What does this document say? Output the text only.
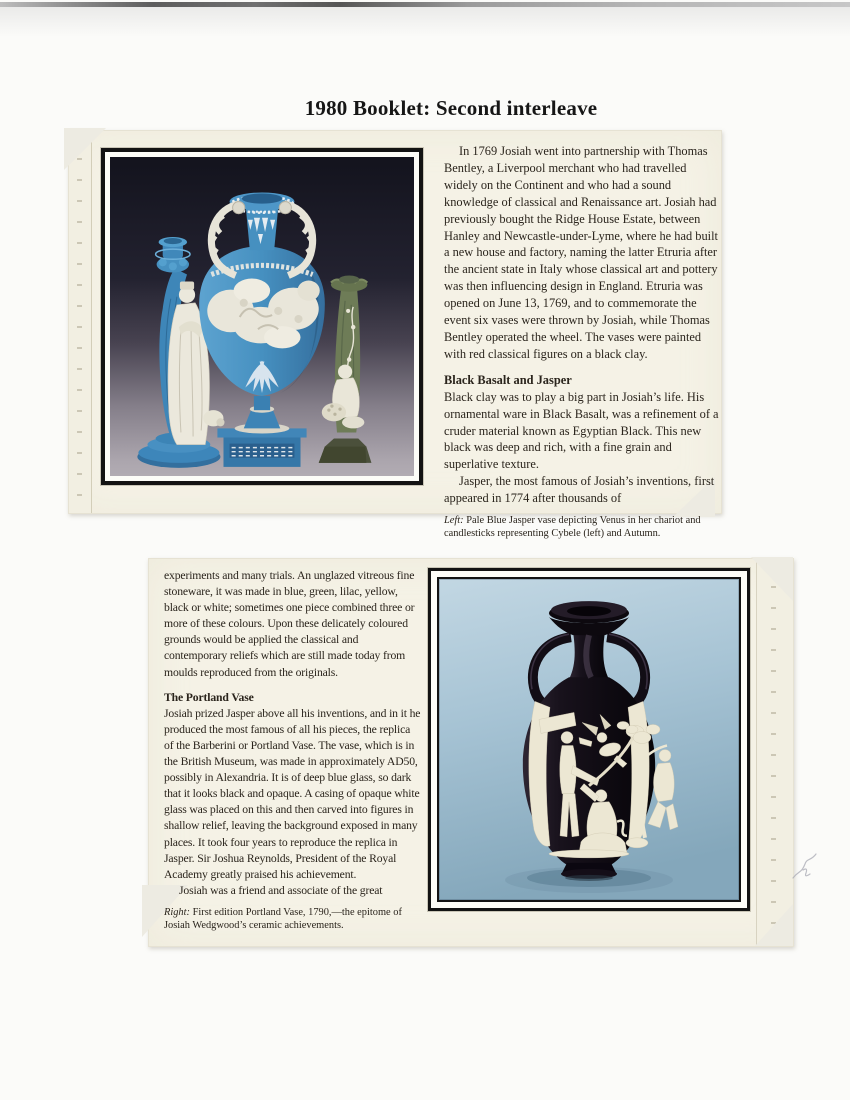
1980 Booklet: Second interleave

In 1769 Josiah went into partnership with Thomas Bentley, a Liverpool merchant who had travelled widely on the Continent and who had a sound knowledge of classical and Renaissance art. Josiah had previously bought the Ridge House Estate, between Hanley and Newcastle-under-Lyme, where he had built a new house and factory, naming the latter Etruria after the ancient state in Italy whose classical art and pottery was then influencing design in England. Etruria was opened on June 13, 1769, and to commemorate the event six vases were thrown by Josiah, while Thomas Bentley operated the wheel. The vases were painted with red classical figures on a black clay.

Black Basalt and Jasper

Black clay was to play a big part in Josiah’s life. His ornamental ware in Black Basalt, was a refinement of a cruder material known as Egyptian Black. This new black was deep and rich, with a fine grain and superlative texture.

Jasper, the most famous of Josiah’s inventions, first appeared in 1774 after thousands of

Left: Pale Blue Jasper vase depicting Venus in her chariot and candlesticks representing Cybele (left) and Autumn.

experiments and many trials. An unglazed vitreous fine stoneware, it was made in blue, green, lilac, yellow, black or white; sometimes one piece combined three or more of these colours. Upon these delicately coloured grounds would be applied the classical and contemporary reliefs which are still made today from moulds reproduced from the originals.

The Portland Vase

Josiah prized Jasper above all his inventions, and in it he produced the most famous of all his pieces, the replica of the Barberini or Portland Vase. The vase, which is in the British Museum, was made in approximately AD50, possibly in Alexandria. It is of deep blue glass, so dark that it looks black and opaque. A casing of opaque white glass was placed on this and then carved into figures in shallow relief, leaving the background exposed in many places. It took four years to reproduce the replica in Jasper. Sir Joshua Reynolds, President of the Royal Academy greatly praised his achievement.

Josiah was a friend and associate of the great

Right: First edition Portland Vase, 1790,—the epitome of Josiah Wedgwood’s ceramic achievements.
